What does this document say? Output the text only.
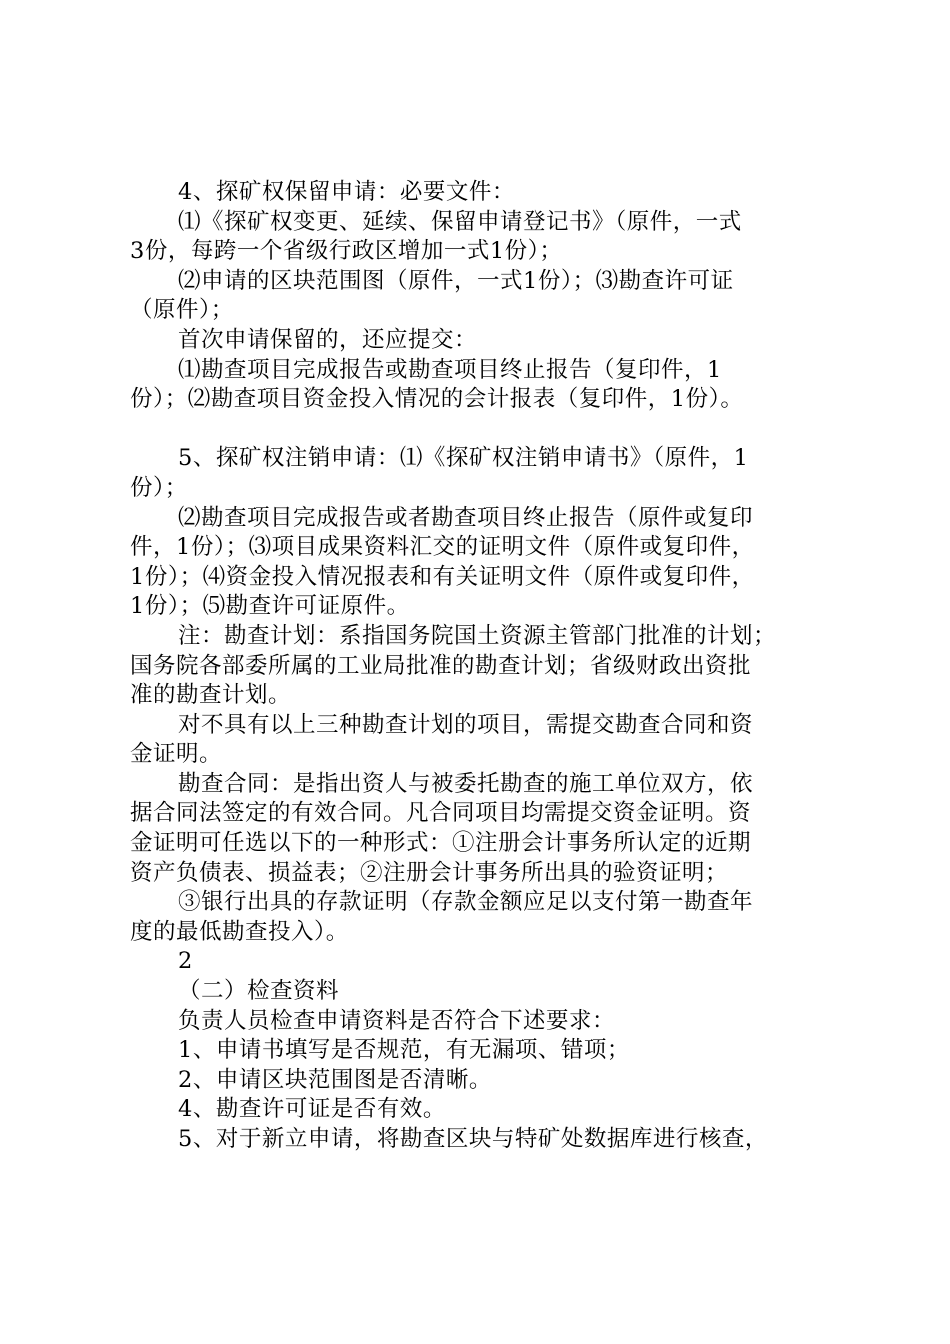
4、探矿权保留申请：必要文件：
⑴《探矿权变更、延续、保留申请登记书》（原件，一式
3份，每跨一个省级行政区增加一式1份）；
⑵申请的区块范围图（原件，一式1份）；⑶勘查许可证
（原件）；
首次申请保留的，还应提交：
⑴勘查项目完成报告或勘查项目终止报告（复印件，1
份）；⑵勘查项目资金投入情况的会计报表（复印件，1份）。
5、探矿权注销申请：⑴《探矿权注销申请书》（原件，1
份）；
⑵勘查项目完成报告或者勘查项目终止报告（原件或复印
件，1份）；⑶项目成果资料汇交的证明文件（原件或复印件，
1份）；⑷资金投入情况报表和有关证明文件（原件或复印件，
1份）；⑸勘查许可证原件。
注：勘查计划：系指国务院国土资源主管部门批准的计划；
国务院各部委所属的工业局批准的勘查计划；省级财政出资批
准的勘查计划。
对不具有以上三种勘查计划的项目，需提交勘查合同和资
金证明。
勘查合同：是指出资人与被委托勘查的施工单位双方，依
据合同法签定的有效合同。凡合同项目均需提交资金证明。资
金证明可任选以下的一种形式：①注册会计事务所认定的近期
资产负债表、损益表；②注册会计事务所出具的验资证明；
③银行出具的存款证明（存款金额应足以支付第一勘查年
度的最低勘查投入）。
2
（二）检查资料
负责人员检查申请资料是否符合下述要求：
1、申请书填写是否规范，有无漏项、错项；
2、申请区块范围图是否清晰。
4、勘查许可证是否有效。
5、对于新立申请，将勘查区块与特矿处数据库进行核查，
